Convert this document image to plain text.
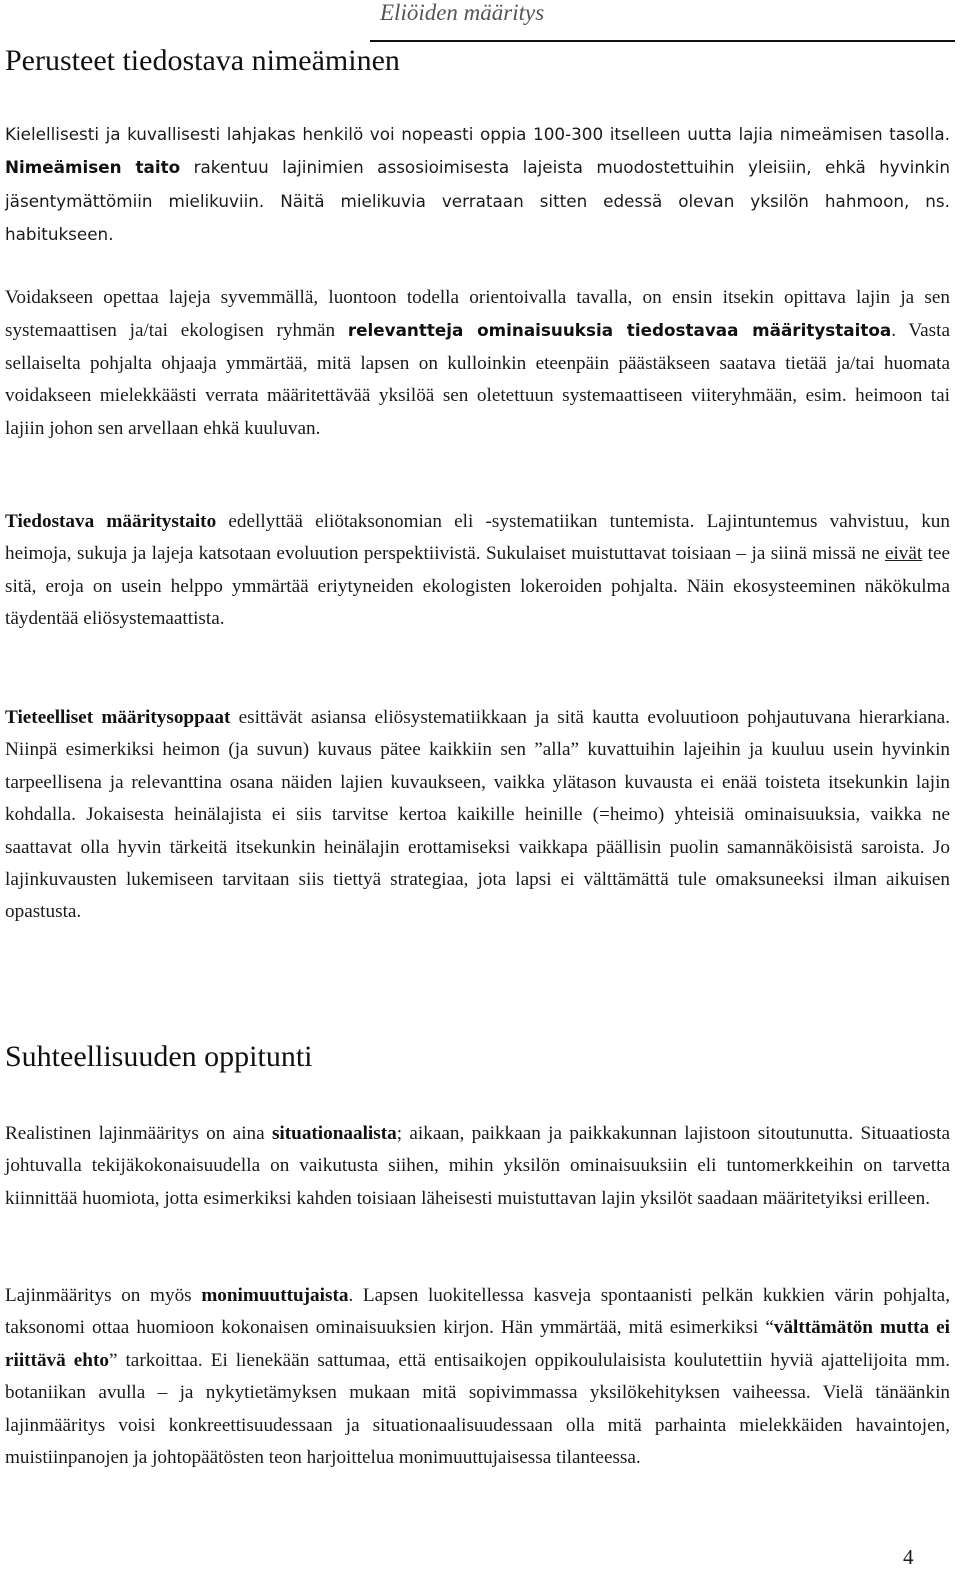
Eliöiden määritys
Perusteet tiedostava nimeäminen

Kielellisesti ja kuvallisesti lahjakas henkilö voi nopeasti oppia 100-300 itselleen uutta lajia nimeämisen tasolla. Nimeämisen taito rakentuu lajinimien assosioimisesta lajeista muodostettuihin yleisiin, ehkä hyvinkin jäsentymättömiin mielikuviin. Näitä mielikuvia verrataan sitten edessä olevan yksilön hahmoon, ns. habitukseen.

Voidakseen opettaa lajeja syvemmällä, luontoon todella orientoivalla tavalla, on ensin itsekin opittava lajin ja sen systemaattisen ja/tai ekologisen ryhmän relevantteja ominaisuuksia tiedostavaa määritystaitoa. Vasta sellaiselta pohjalta ohjaaja ymmärtää, mitä lapsen on kulloinkin eteenpäin päästäkseen saatava tietää ja/tai huomata voidakseen mielekkäästi verrata määritettävää yksilöä sen oletettuun systemaattiseen viiteryhmään, esim. heimoon tai lajiin johon sen arvellaan ehkä kuuluvan.

Tiedostava määritystaito edellyttää eliötaksonomian eli -systematiikan tuntemista. Lajintuntemus vahvistuu, kun heimoja, sukuja ja lajeja katsotaan evoluution perspektiivistä. Sukulaiset muistuttavat toisiaan – ja siinä missä ne eivät tee sitä, eroja on usein helppo ymmärtää eriytyneiden ekologisten lokeroiden pohjalta. Näin ekosysteeminen näkökulma täydentää eliösystemaattista.

Tieteelliset määritysoppaat esittävät asiansa eliösystematiikkaan ja sitä kautta evoluutioon pohjautuvana hierarkiana. Niinpä esimerkiksi heimon (ja suvun) kuvaus pätee kaikkiin sen ”alla” kuvattuihin lajeihin ja kuuluu usein hyvinkin tarpeellisena ja relevanttina osana näiden lajien kuvaukseen, vaikka ylätason kuvausta ei enää toisteta itsekunkin lajin kohdalla. Jokaisesta heinälajista ei siis tarvitse kertoa kaikille heinille (=heimo) yhteisiä ominaisuuksia, vaikka ne saattavat olla hyvin tärkeitä itsekunkin heinälajin erottamiseksi vaikkapa päällisin puolin samannäköisistä saroista. Jo lajinkuvausten lukemiseen tarvitaan siis tiettyä strategiaa, jota lapsi ei välttämättä tule omaksuneeksi ilman aikuisen opastusta.

Suhteellisuuden oppitunti

Realistinen lajinmääritys on aina situationaalista; aikaan, paikkaan ja paikkakunnan lajistoon sitoutunutta. Situaatiosta johtuvalla tekijäkokonaisuudella on vaikutusta siihen, mihin yksilön ominaisuuksiin eli tuntomerkkeihin on tarvetta kiinnittää huomiota, jotta esimerkiksi kahden toisiaan läheisesti muistuttavan lajin yksilöt saadaan määritetyiksi erilleen.

Lajinmääritys on myös monimuuttujaista. Lapsen luokitellessa kasveja spontaanisti pelkän kukkien värin pohjalta, taksonomi ottaa huomioon kokonaisen ominaisuuksien kirjon. Hän ymmärtää, mitä esimerkiksi “välttämätön mutta ei riittävä ehto” tarkoittaa. Ei lienekään sattumaa, että entisaikojen oppikoululaisista koulutettiin hyviä ajattelijoita mm. botaniikan avulla – ja nykytietämyksen mukaan mitä sopivimmassa yksilökehityksen vaiheessa. Vielä tänäänkin lajinmääritys voisi konkreettisuudessaan ja situationaalisuudessaan olla mitä parhainta mielekkäiden havaintojen, muistiinpanojen ja johtopäätösten teon harjoittelua monimuuttujaisessa tilanteessa.

4
